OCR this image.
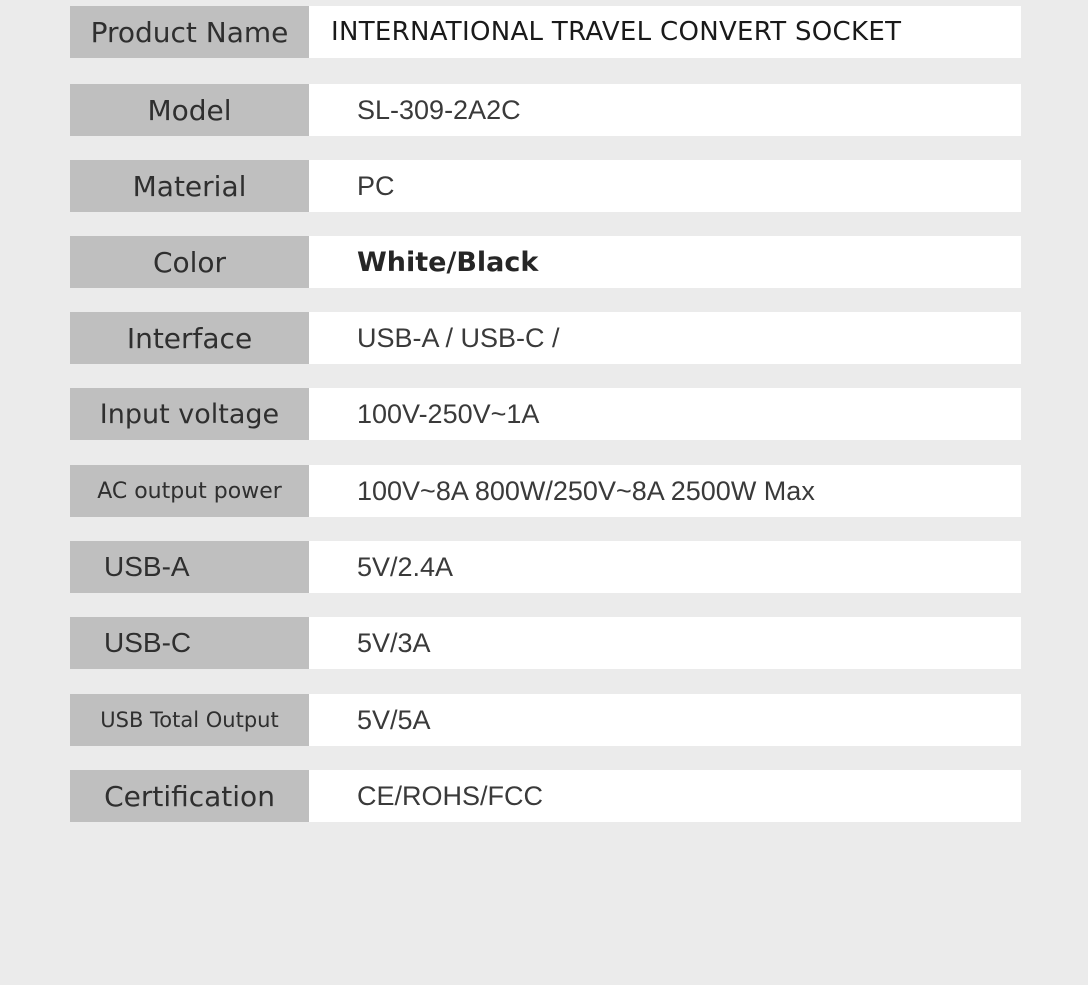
Product Name	INTERNATIONAL TRAVEL CONVERT SOCKET
Model	SL-309-2A2C
Material	PC
Color	White/Black
Interface	USB-A / USB-C /
Input voltage	100V-250V~1A
AC output power	100V~8A 800W/250V~8A 2500W Max
USB-A	5V/2.4A
USB-C	5V/3A
USB Total Output	5V/5A
Certification	CE/ROHS/FCC
